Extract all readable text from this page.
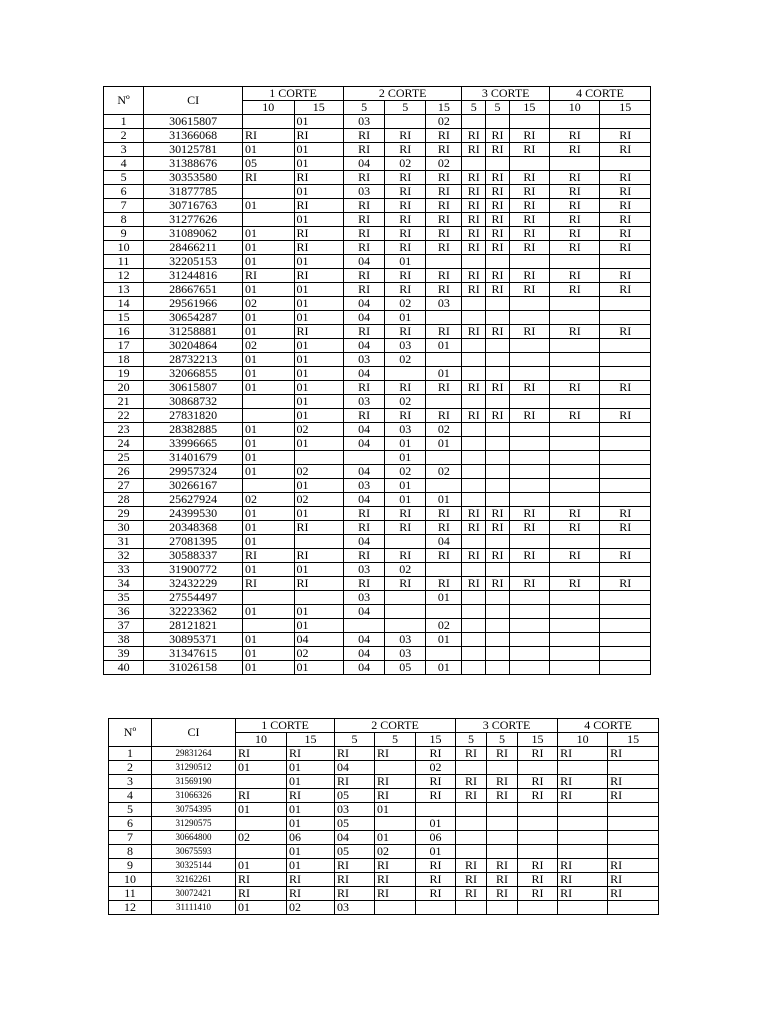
Nº	CI	1 CORTE		2 CORTE			3 CORTE			4 CORTE	
		10	15	5	5	15	5	5	15	10	15
1	30615807		01	03		02					
2	31366068	RI	RI	RI	RI	RI	RI	RI	RI	RI	RI
3	30125781	01	01	RI	RI	RI	RI	RI	RI	RI	RI
4	31388676	05	01	04	02	02					
5	30353580	RI	RI	RI	RI	RI	RI	RI	RI	RI	RI
6	31877785		01	03	RI	RI	RI	RI	RI	RI	RI
7	30716763	01	RI	RI	RI	RI	RI	RI	RI	RI	RI
8	31277626		01	RI	RI	RI	RI	RI	RI	RI	RI
9	31089062	01	RI	RI	RI	RI	RI	RI	RI	RI	RI
10	28466211	01	RI	RI	RI	RI	RI	RI	RI	RI	RI
11	32205153	01	01	04	01						
12	31244816	RI	RI	RI	RI	RI	RI	RI	RI	RI	RI
13	28667651	01	01	RI	RI	RI	RI	RI	RI	RI	RI
14	29561966	02	01	04	02	03					
15	30654287	01	01	04	01						
16	31258881	01	RI	RI	RI	RI	RI	RI	RI	RI	RI
17	30204864	02	01	04	03	01					
18	28732213	01	01	03	02						
19	32066855	01	01	04		01					
20	30615807	01	01	RI	RI	RI	RI	RI	RI	RI	RI
21	30868732		01	03	02						
22	27831820		01	RI	RI	RI	RI	RI	RI	RI	RI
23	28382885	01	02	04	03	02					
24	33996665	01	01	04	01	01					
25	31401679	01			01						
26	29957324	01	02	04	02	02					
27	30266167		01	03	01						
28	25627924	02	02	04	01	01					
29	24399530	01	01	RI	RI	RI	RI	RI	RI	RI	RI
30	20348368	01	RI	RI	RI	RI	RI	RI	RI	RI	RI
31	27081395	01		04		04					
32	30588337	RI	RI	RI	RI	RI	RI	RI	RI	RI	RI
33	31900772	01	01	03	02						
34	32432229	RI	RI	RI	RI	RI	RI	RI	RI	RI	RI
35	27554497			03		01					
36	32223362	01	01	04							
37	28121821		01			02					
38	30895371	01	04	04	03	01					
39	31347615	01	02	04	03						
40	31026158	01	01	04	05	01					
Nº	CI	1 CORTE		2 CORTE			3 CORTE			4 CORTE	
		10	15	5	5	15	5	5	15	10	15
1	29831264	RI	RI	RI	RI	RI	RI	RI	RI	RI	RI
2	31290512	01	01	04		02					
3	31569190		01	RI	RI	RI	RI	RI	RI	RI	RI
4	31066326	RI	RI	05	RI	RI	RI	RI	RI	RI	RI
5	30754395	01	01	03	01						
6	31290575		01	05		01					
7	30664800	02	06	04	01	06					
8	30675593		01	05	02	01					
9	30325144	01	01	RI	RI	RI	RI	RI	RI	RI	RI
10	32162261	RI	RI	RI	RI	RI	RI	RI	RI	RI	RI
11	30072421	RI	RI	RI	RI	RI	RI	RI	RI	RI	RI
12	31111410	01	02	03							
